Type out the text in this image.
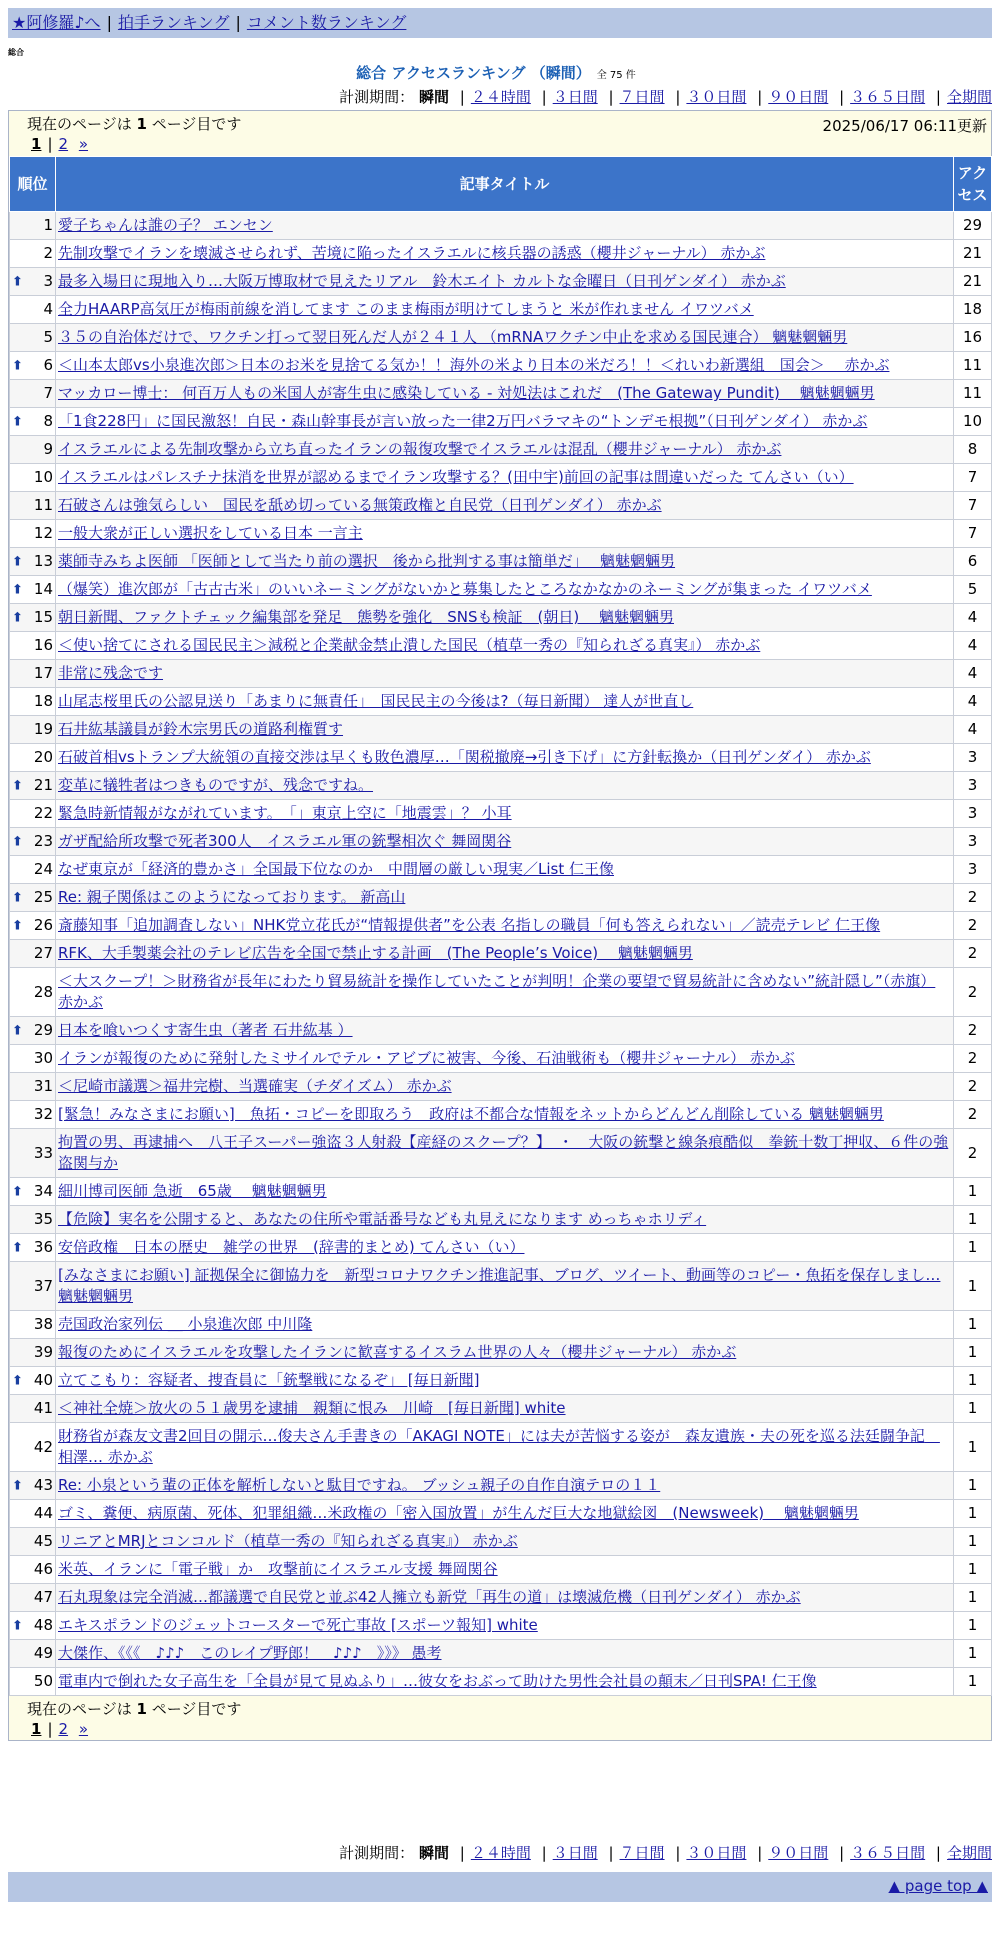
★阿修羅♪へ | 拍手ランキング | コメント数ランキング
総合
総合 アクセスランキング （瞬間） 全 75 件
計測期間： 瞬間 | ２４時間 | ３日間 | ７日間 | ３０日間 | ９０日間 | ３６５日間 | 全期間
現在のページは 1 ページ目です	2025/06/17 06:11更新
1 | 2 »
順位	記事タイトル	アクセス
1	愛子ちゃんは誰の子？ エンセン	29
2	先制攻撃でイランを壊滅させられず、苦境に陥ったイスラエルに核兵器の誘惑（櫻井ジャーナル） 赤かぶ	21

⬆ 3	最多入場日に現地入り…大阪万博取材で見えたリアル　鈴木エイト カルトな金曜日（日刊ゲンダイ） 赤かぶ	21
4	全力HAARP高気圧が梅雨前線を消してます このまま梅雨が明けてしまうと 米が作れません イワツバメ	18
5	３５の自治体だけで、ワクチン打って翌日死んだ人が２４１人 （mRNAワクチン中止を求める国民連合） 魑魅魍魎男	16

⬆ 6	＜山本太郎vs小泉進次郎＞日本のお米を見捨てる気か！！海外の米より日本の米だろ！！＜れいわ新選組　国会＞　 赤かぶ	11
7	マッカロー博士： 何百万人もの米国人が寄生虫に感染している - 対処法はこれだ　(The Gateway Pundit)　 魑魅魍魎男	11

⬆ 8	「1食228円」に国民激怒！自民・森山幹事長が言い放った一律2万円バラマキの“トンデモ根拠”（日刊ゲンダイ） 赤かぶ	10
9	イスラエルによる先制攻撃から立ち直ったイランの報復攻撃でイスラエルは混乱（櫻井ジャーナル） 赤かぶ	8
10	イスラエルはパレスチナ抹消を世界が認めるまでイラン攻撃する？(田中宇)前回の記事は間違いだった てんさい（い）	7
11	石破さんは強気らしい　国民を舐め切っている無策政権と自民党（日刊ゲンダイ） 赤かぶ	7
12	一般大衆が正しい選択をしている日本 一言主	7

⬆ 13	薬師寺みちよ医師 「医師として当たり前の選択　後から批判する事は簡単だ」　 魑魅魍魎男	6

⬆ 14	（爆笑）進次郎が「古古古米」のいいネーミングがないかと募集したところなかなかのネーミングが集まった イワツバメ	5

⬆ 15	朝日新聞、ファクトチェック編集部を発足　態勢を強化　SNSも検証　(朝日)　 魑魅魍魎男	4
16	＜使い捨てにされる国民民主＞減税と企業献金禁止潰した国民（植草一秀の『知られざる真実』） 赤かぶ	4
17	非常に残念です	4
18	山尾志桜里氏の公認見送り「あまりに無責任」　国民民主の今後は?（毎日新聞） 達人が世直し	4
19	石井紘基議員が鈴木宗男氏の道路利権質す	4
20	石破首相vsトランプ大統領の直接交渉は早くも敗色濃厚…「関税撤廃→引き下げ」に方針転換か（日刊ゲンダイ） 赤かぶ	3

⬆ 21	変革に犠牲者はつきものですが、残念ですね。	3
22	緊急時新情報がながれています。　「」東京上空に「地震雲」？ 小耳	3

⬆ 23	ガザ配給所攻撃で死者300人　イスラエル軍の銃撃相次ぐ 舞岡関谷	3
24	なぜ東京が「経済的豊かさ」全国最下位なのか　中間層の厳しい現実／List 仁王像	3

⬆ 25	Re: 親子関係はこのようになっております。 新高山	2

⬆ 26	斎藤知事「追加調査しない」NHK党立花氏が“情報提供者”を公表 名指しの職員「何も答えられない」／読売テレビ 仁王像	2
27	RFK、大手製薬会社のテレビ広告を全国で禁止する計画　(The People’s Voice)　 魑魅魍魎男	2
28	＜大スクープ！＞財務省が長年にわたり貿易統計を操作していたことが判明！企業の要望で貿易統計に含めない”統計隠し”（赤旗） 赤かぶ	2

⬆ 29	日本を喰いつくす寄生虫（著者 石井紘基 ）	2
30	イランが報復のために発射したミサイルでテル・アビブに被害、今後、石油戦術も（櫻井ジャーナル） 赤かぶ	2
31	＜尼崎市議選＞福井完樹、当選確実（チダイズム） 赤かぶ	2
32	[緊急！みなさまにお願い]　魚拓・コピーを即取ろう　政府は不都合な情報をネットからどんどん削除している 魑魅魍魎男	2
33	拘置の男、再逮捕へ　八王子スーパー強盗３人射殺【産経のスクープ？】　・　大阪の銃撃と線条痕酷似　拳銃十数丁押収、６件の強盗関与か	2

⬆ 34	細川博司医師 急逝　65歳　 魑魅魍魎男	1
35	【危険】実名を公開すると、あなたの住所や電話番号なども丸見えになります めっちゃホリディ	1

⬆ 36	安倍政権　日本の歴史　雑学の世界　(辞書的まとめ) てんさい（い）	1
37	[みなさまにお願い] 証拠保全に御協力を　新型コロナワクチン推進記事、ブログ、ツイート、動画等のコピー・魚拓を保存しまし… 魑魅魍魎男	1
38	売国政治家列伝 ＿ 小泉進次郎 中川隆	1
39	報復のためにイスラエルを攻撃したイランに歓喜するイスラム世界の人々（櫻井ジャーナル） 赤かぶ	1

⬆ 40	立てこもり：容疑者、捜査員に「銃撃戦になるぞ」 [毎日新聞]	1
41	＜神社全焼＞放火の５１歳男を逮捕　親類に恨み　川崎　[毎日新聞] white	1
42	財務省が森友文書2回目の開示…俊夫さん手書きの「AKAGI NOTE」には夫が苦悩する姿が　森友遺族・夫の死を巡る法廷闘争記　相澤… 赤かぶ	1

⬆ 43	Re: 小泉という輩の正体を解析しないと駄目ですね。 ブッシュ親子の自作自演テロの１１	1
44	ゴミ、糞便、病原菌、死体、犯罪組織…米政権の「密入国放置」が生んだ巨大な地獄絵図　(Newsweek)　 魑魅魍魎男	1
45	リニアとMRJとコンコルド（植草一秀の『知られざる真実』） 赤かぶ	1
46	米英、イランに「電子戦」か　攻撃前にイスラエル支援 舞岡関谷	1
47	石丸現象は完全消滅…都議選で自民党と並ぶ42人擁立も新党「再生の道」は壊滅危機（日刊ゲンダイ） 赤かぶ	1

⬆ 48	エキスポランドのジェットコースターで死亡事故 [スポーツ報知] white	1
49	大傑作、《《《　♪♪♪　このレイプ野郎！　♪♪♪　》》》 愚考	1
50	電車内で倒れた女子高生を「全員が見て見ぬふり」…彼女をおぶって助けた男性会社員の顛末／日刊SPA! 仁王像	1
現在のページは 1 ページ目です
1 | 2 »
計測期間： 瞬間 | ２４時間 | ３日間 | ７日間 | ３０日間 | ９０日間 | ３６５日間 | 全期間
▲ page top ▲
